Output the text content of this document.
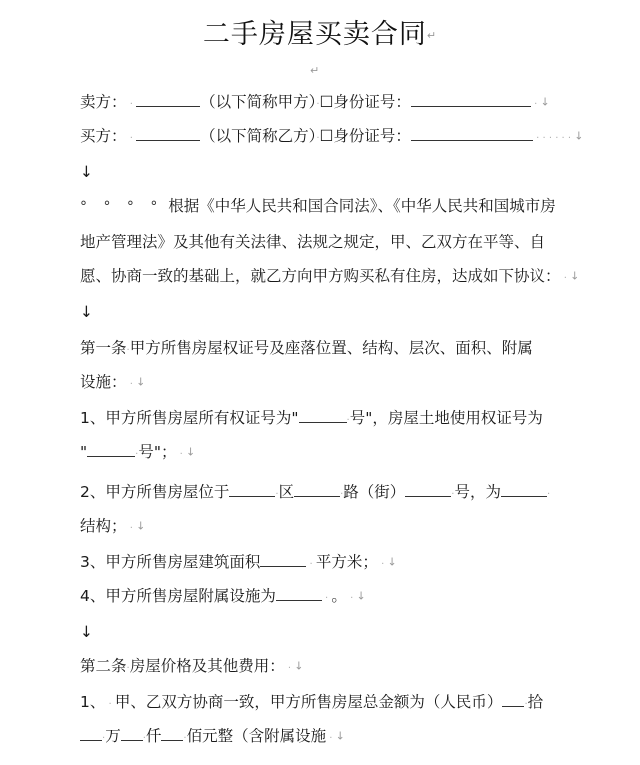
二手房屋买卖合同↵
↵
卖方： ·	（以下简称甲方）·☐身份证号：	· ↓
买方： ·	（以下简称乙方）·☐身份证号：	· · · · · · ↓
↓
° ° ° ° 根据《中华人民共和国合同法》、《中华人民共和国城市房
地产管理法》及其他有关法律、法规之规定，甲、乙双方在平等、自
愿、协商一致的基础上，就乙方向甲方购买私有住房，达成如下协议： · ↓
↓
第一条·甲方所售房屋权证号及座落位置、结构、层次、面积、附属
设施： · ↓
1、甲方所售房屋所有权证号为"	·号"，房屋土地使用权证号为
"	·号"； · ↓
2、甲方所售房屋位于	·区	·路（街）	·号，为	·
结构； · ↓
3、甲方所售房屋建筑面积	· 平方米； · ↓
4、甲方所售房屋附属设施为	· 。 · ↓
↓
第二条·房屋价格及其他费用： · ↓
1、 · 甲、乙双方协商一致，甲方所售房屋总金额为（人民币） ·拾
·万 ·仟 ·佰元整（含附属设施 · ↓
